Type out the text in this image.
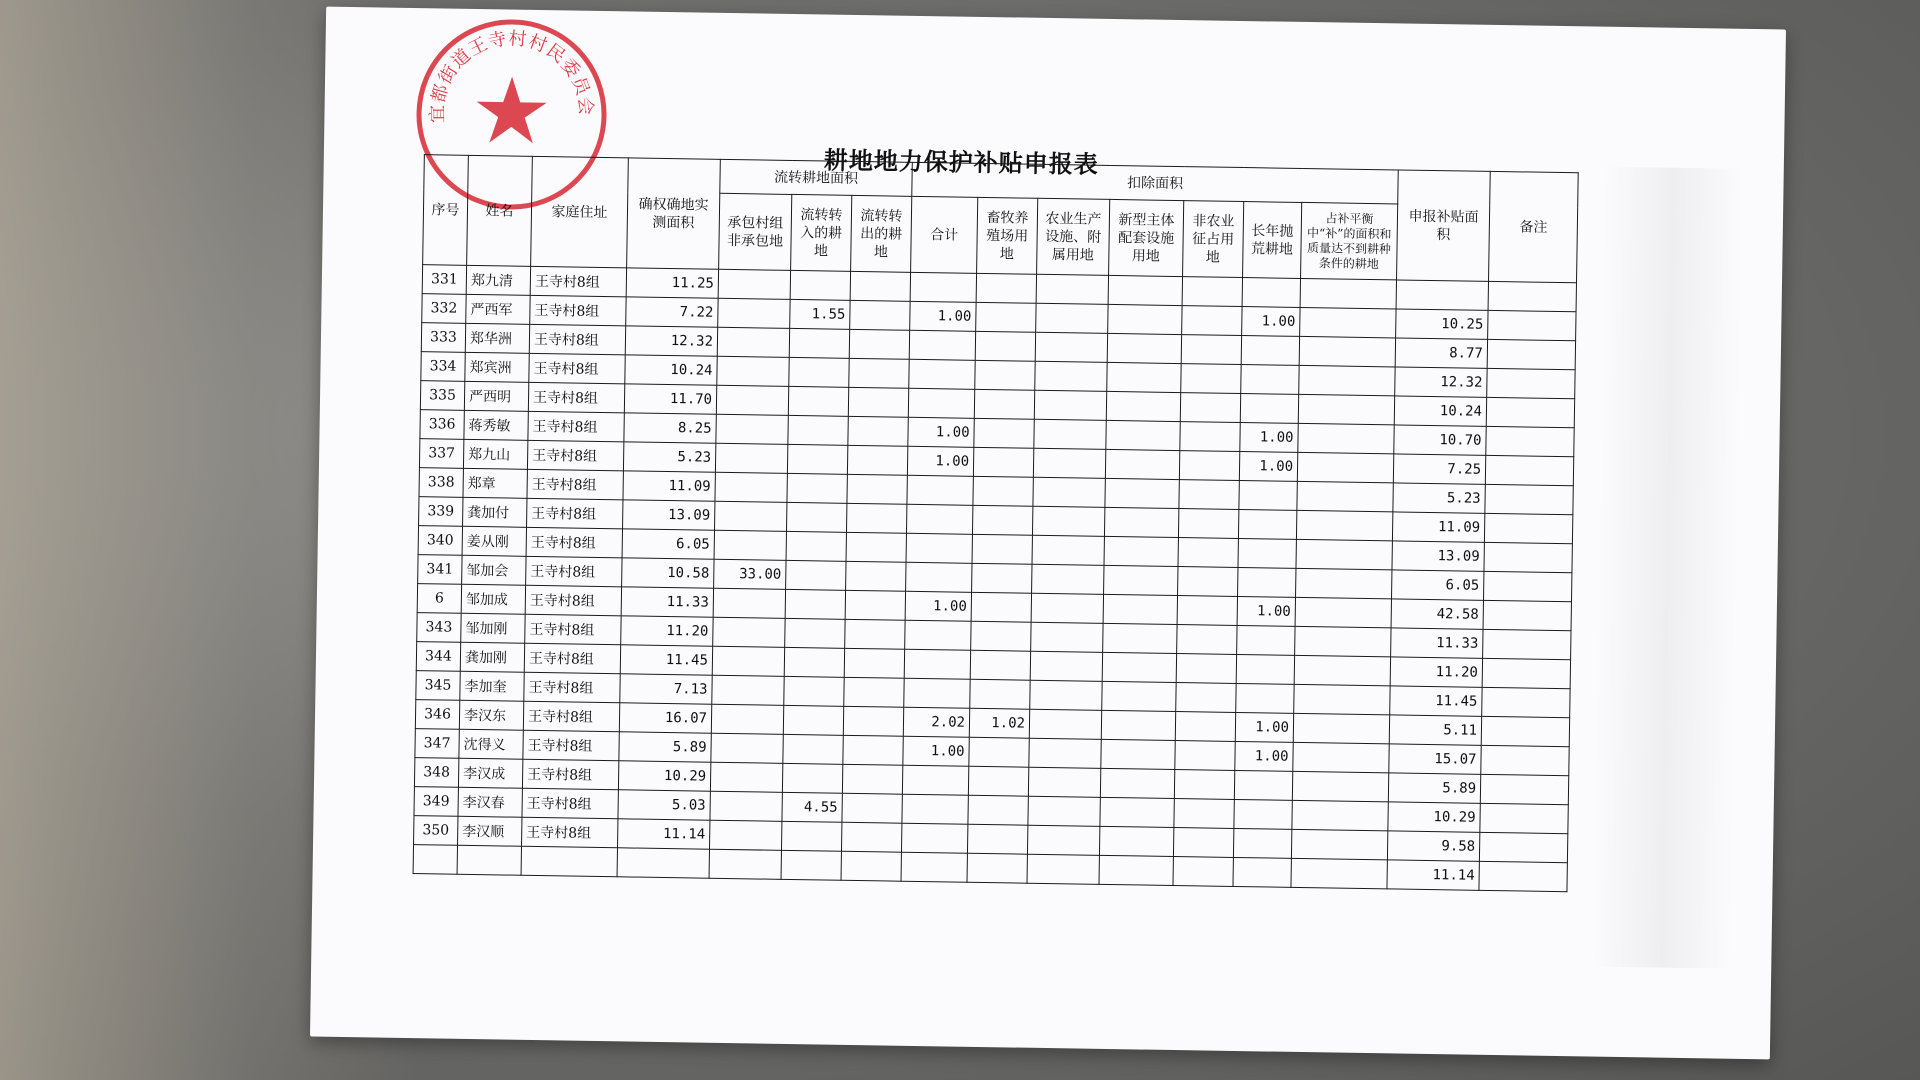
宜都街道王寺村村民委员会
耕地地力保护补贴申报表
序号	姓名	家庭住址	确权确地实测面积	流转耕地面积			扣除面积							申报补贴面积	备注
				承包村组非承包地	流转转入的耕地	流转转出的耕地	合计	畜牧养殖场用地	农业生产设施、附属用地	新型主体配套设施用地	非农业征占用地	长年抛荒耕地	占补平衡中“补”的面积和质量达不到耕种条件的耕地		
331	郑九清	王寺村8组	11.25												
332	严西军	王寺村8组	7.22		1.55		1.00					1.00		10.25	
333	郑华洲	王寺村8组	12.32											8.77	
334	郑宾洲	王寺村8组	10.24											12.32	
335	严西明	王寺村8组	11.70											10.24	
336	蒋秀敏	王寺村8组	8.25				1.00					1.00		10.70	
337	郑九山	王寺村8组	5.23				1.00					1.00		7.25	
338	郑章	王寺村8组	11.09											5.23	
339	龚加付	王寺村8组	13.09											11.09	
340	姜从刚	王寺村8组	6.05											13.09	
341	邹加会	王寺村8组	10.58	33.00										6.05	
6	邹加成	王寺村8组	11.33				1.00					1.00		42.58	
343	邹加刚	王寺村8组	11.20											11.33	
344	龚加刚	王寺村8组	11.45											11.20	
345	李加奎	王寺村8组	7.13											11.45	
346	李汉东	王寺村8组	16.07				2.02	1.02				1.00		5.11	
347	沈得义	王寺村8组	5.89				1.00					1.00		15.07	
348	李汉成	王寺村8组	10.29											5.89	
349	李汉春	王寺村8组	5.03		4.55									10.29	
350	李汉顺	王寺村8组	11.14											9.58	
														11.14	
